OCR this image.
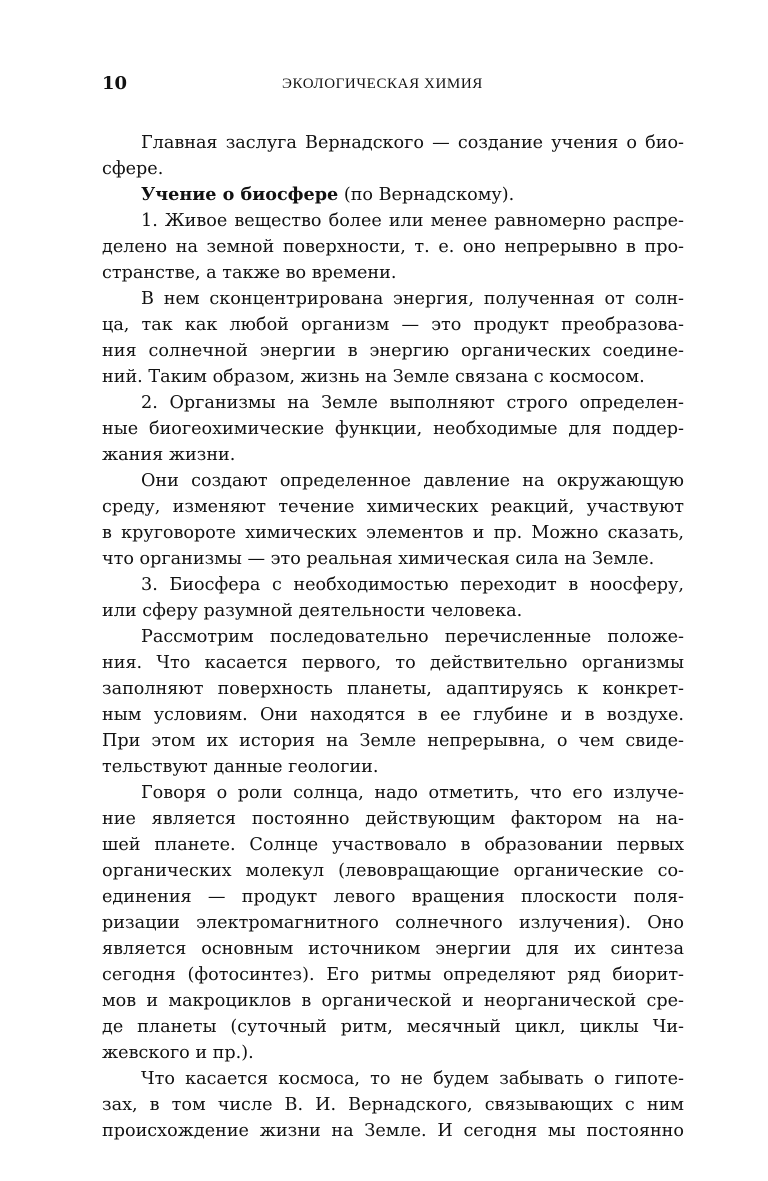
10	ЭКОЛОГИЧЕСКАЯ ХИМИЯ
Главная заслуга Вернадского — создание учения о био-
сфере.
Учение о биосфере (по Вернадскому).
1. Живое вещество более или менее равномерно распре-
делено на земной поверхности, т. е. оно непрерывно в про-
странстве, а также во времени.
В нем сконцентрирована энергия, полученная от солн-
ца, так как любой организм — это продукт преобразова-
ния солнечной энергии в энергию органических соедине-
ний. Таким образом, жизнь на Земле связана с космосом.
2. Организмы на Земле выполняют строго определен-
ные биогеохимические функции, необходимые для поддер-
жания жизни.
Они создают определенное давление на окружающую
среду, изменяют течение химических реакций, участвуют
в круговороте химических элементов и пр. Можно сказать,
что организмы — это реальная химическая сила на Земле.
3. Биосфера с необходимостью переходит в ноосферу,
или сферу разумной деятельности человека.
Рассмотрим последовательно перечисленные положе-
ния. Что касается первого, то действительно организмы
заполняют поверхность планеты, адаптируясь к конкрет-
ным условиям. Они находятся в ее глубине и в воздухе.
При этом их история на Земле непрерывна, о чем свиде-
тельствуют данные геологии.
Говоря о роли солнца, надо отметить, что его излуче-
ние является постоянно действующим фактором на на-
шей планете. Солнце участвовало в образовании первых
органических молекул (левовращающие органические со-
единения — продукт левого вращения плоскости поля-
ризации электромагнитного солнечного излучения). Оно
является основным источником энергии для их синтеза
сегодня (фотосинтез). Его ритмы определяют ряд биорит-
мов и макроциклов в органической и неорганической сре-
де планеты (суточный ритм, месячный цикл, циклы Чи-
жевского и пр.).
Что касается космоса, то не будем забывать о гипоте-
зах, в том числе В. И. Вернадского, связывающих с ним
происхождение жизни на Земле. И сегодня мы постоянно
